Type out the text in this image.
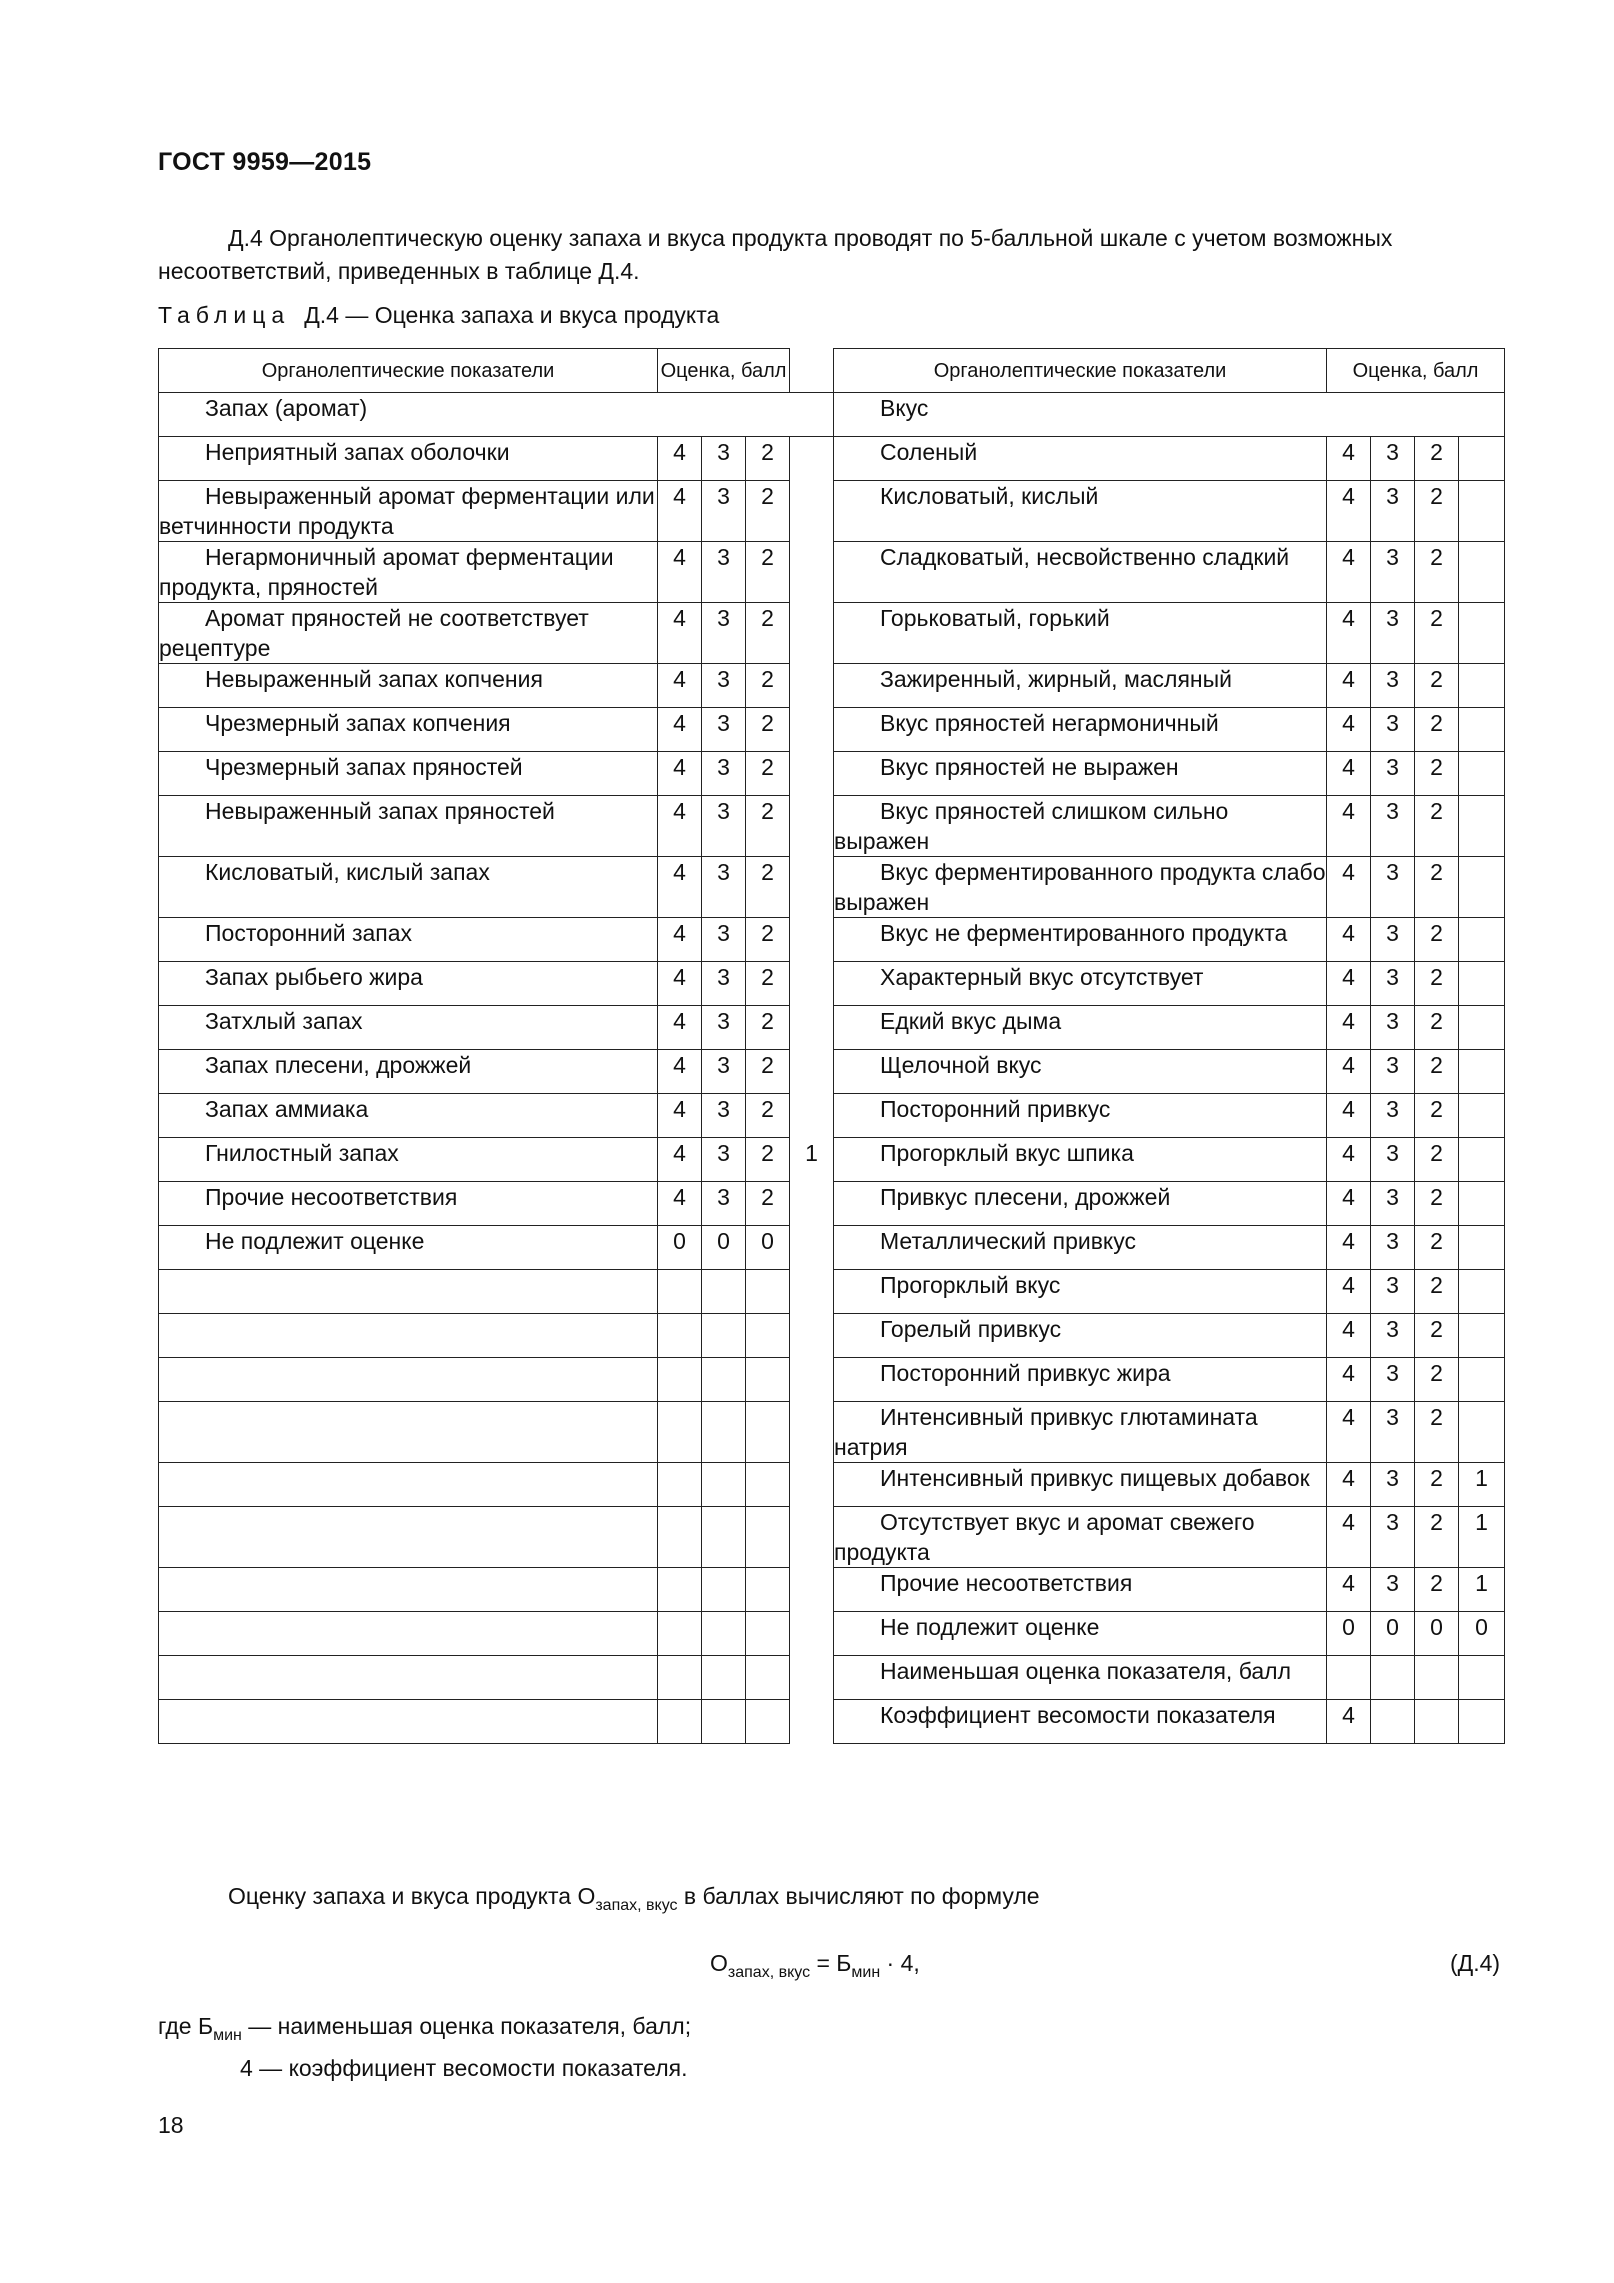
ГОСТ 9959—2015
Д.4 Органолептическую оценку запаха и вкуса продукта проводят по 5-балльной шкале с учетом возможных несоответствий, приведенных в таблице Д.4.
Таблица Д.4 — Оценка запаха и вкуса продукта
Органолептические показатели	Оценка, балл				Органолептические показатели	Оценка, балл			

Запах (аромат)					Вкус				

Неприятный запах оболочки	4	3	2		Соленый	4	3	2	

Невыраженный аромат ферментации или ветчинности продукта	4	3	2		Кисловатый, кислый	4	3	2	

Негармоничный аромат ферментации продукта, пряностей	4	3	2		Сладковатый, несвойственно сладкий	4	3	2	

Аромат пряностей не соответствует рецептуре	4	3	2		Горьковатый, горький	4	3	2	

Невыраженный запах копчения	4	3	2		Зажиренный, жирный, масляный	4	3	2	

Чрезмерный запах копчения	4	3	2		Вкус пряностей негармоничный	4	3	2	

Чрезмерный запах пряностей	4	3	2		Вкус пряностей не выражен	4	3	2	

Невыраженный запах пряностей	4	3	2		Вкус пряностей слишком сильно выражен	4	3	2	

Кисловатый, кислый запах	4	3	2		Вкус ферментированного продукта слабо выражен	4	3	2	

Посторонний запах	4	3	2		Вкус не ферментированного продукта	4	3	2	

Запах рыбьего жира	4	3	2		Характерный вкус отсутствует	4	3	2	

Затхлый запах	4	3	2		Едкий вкус дыма	4	3	2	

Запах плесени, дрожжей	4	3	2		Щелочной вкус	4	3	2	

Запах аммиака	4	3	2		Посторонний привкус	4	3	2	

Гнилостный запах	4	3	2	1	Прогорклый вкус шпика	4	3	2	

Прочие несоответствия	4	3	2		Привкус плесени, дрожжей	4	3	2	

Не подлежит оценке	0	0	0		Металлический привкус	4	3	2	

					Прогорклый вкус	4	3	2	

					Горелый привкус	4	3	2	

					Посторонний привкус жира	4	3	2	

					Интенсивный привкус глютамината натрия	4	3	2	

					Интенсивный привкус пищевых добавок	4	3	2	1

					Отсутствует вкус и аромат свежего продукта	4	3	2	1

					Прочие несоответствия	4	3	2	1

					Не подлежит оценке	0	0	0	0

					Наименьшая оценка показателя, балл				

					Коэффициент весомости показателя	4			
Оценку запаха и вкуса продукта $О_{запах, вкус}$ в баллах вычисляют по формуле
$О_{запах, вкус} = Б_{мин} \cdot 4$,	(Д.4)
где $Б_{мин}$ — наименьшая оценка показателя, балл;
4 — коэффициент весомости показателя.
18
